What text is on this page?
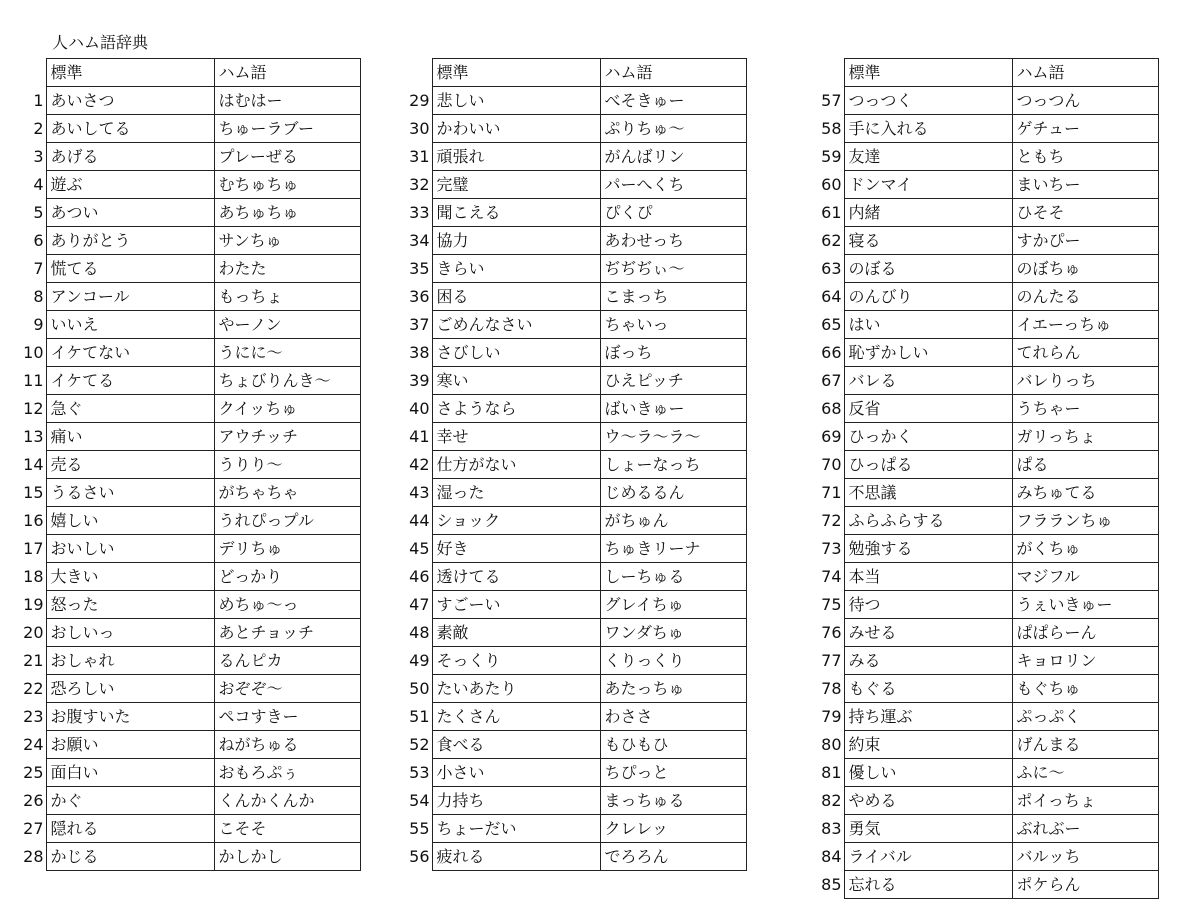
人ハム語辞典
	標準	ハム語
1	あいさつ	はむはー
2	あいしてる	ちゅーラブー
3	あげる	プレーぜる
4	遊ぶ	むちゅちゅ
5	あつい	あちゅちゅ
6	ありがとう	サンちゅ
7	慌てる	わたた
8	アンコール	もっちょ
9	いいえ	やーノン
10	イケてない	うにに〜
11	イケてる	ちょびりんき〜
12	急ぐ	クイッちゅ
13	痛い	アウチッチ
14	売る	うりり〜
15	うるさい	がちゃちゃ
16	嬉しい	うれぴっプル
17	おいしい	デリちゅ
18	大きい	どっかり
19	怒った	めちゅ〜っ
20	おしいっ	あとチョッチ
21	おしゃれ	るんピカ
22	恐ろしい	おぞぞ〜
23	お腹すいた	ペコすきー
24	お願い	ねがちゅる
25	面白い	おもろぷぅ
26	かぐ	くんかくんか
27	隠れる	こそそ
28	かじる	かしかし
	標準	ハム語
29	悲しい	べそきゅー
30	かわいい	ぷりちゅ〜
31	頑張れ	がんばリン
32	完璧	パーへくち
33	聞こえる	ぴくぴ
34	協力	あわせっち
35	きらい	ぢぢぢぃ〜
36	困る	こまっち
37	ごめんなさい	ちゃいっ
38	さびしい	ぼっち
39	寒い	ひえピッチ
40	さようなら	ばいきゅー
41	幸せ	ウ〜ラ〜ラ〜
42	仕方がない	しょーなっち
43	湿った	じめるるん
44	ショック	がちゅん
45	好き	ちゅきリーナ
46	透けてる	しーちゅる
47	すごーい	グレイちゅ
48	素敵	ワンダちゅ
49	そっくり	くりっくり
50	たいあたり	あたっちゅ
51	たくさん	わささ
52	食べる	もひもひ
53	小さい	ちぴっと
54	力持ち	まっちゅる
55	ちょーだい	クレレッ
56	疲れる	でろろん
	標準	ハム語
57	つっつく	つっつん
58	手に入れる	ゲチュー
59	友達	ともち
60	ドンマイ	まいちー
61	内緒	ひそそ
62	寝る	すかぴー
63	のぼる	のぼちゅ
64	のんびり	のんたる
65	はい	イエーっちゅ
66	恥ずかしい	てれらん
67	バレる	バレりっち
68	反省	うちゃー
69	ひっかく	ガリっちょ
70	ひっぱる	ぱる
71	不思議	みちゅてる
72	ふらふらする	フラランちゅ
73	勉強する	がくちゅ
74	本当	マジフル
75	待つ	うぇいきゅー
76	みせる	ぱぱらーん
77	みる	キョロリン
78	もぐる	もぐちゅ
79	持ち運ぶ	ぷっぷく
80	約束	げんまる
81	優しい	ふに〜
82	やめる	ポイっちょ
83	勇気	ぶれぶー
84	ライバル	バルッち
85	忘れる	ポケらん
